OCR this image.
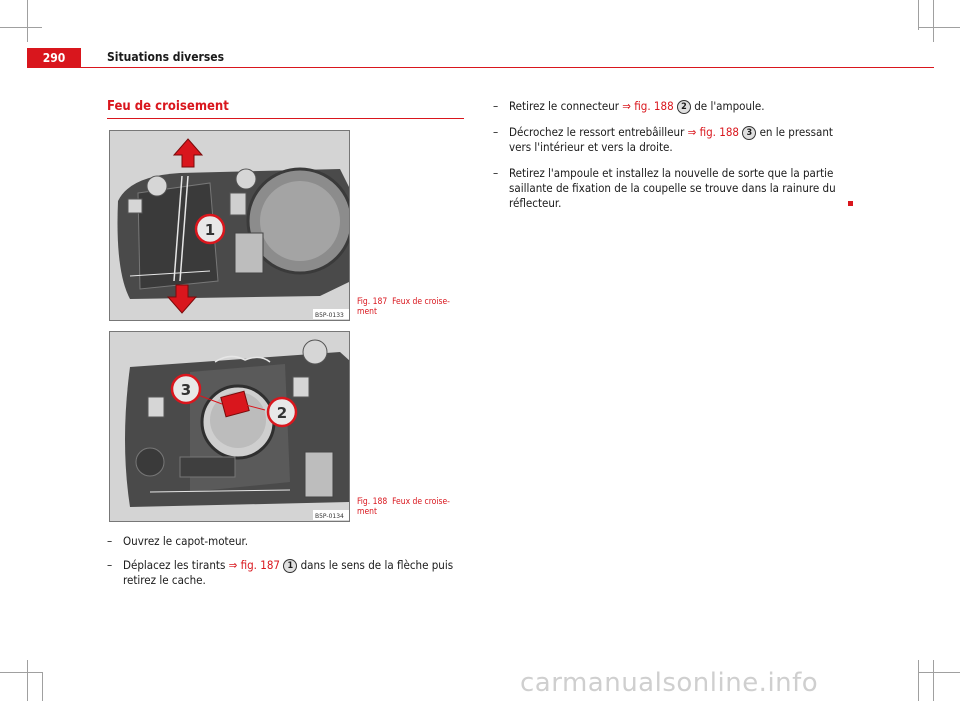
290	Situations diverses
Feu de croisement
1
B5P-0133
Fig. 187 Feux de croise-
ment
3
2
B5P-0134
Fig. 188 Feux de croise-
ment
– Ouvrez le capot-moteur.
– Déplacez les tirants ⇒ fig. 187 1 dans le sens de la flèche puis retirez le cache.
– Retirez le connecteur ⇒ fig. 188 2 de l'ampoule.
– Décrochez le ressort entrebâilleur ⇒ fig. 188 3 en le pressant vers l'intérieur et vers la droite.
– Retirez l'ampoule et installez la nouvelle de sorte que la partie saillante de fixation de la coupelle se trouve dans la rainure du réflecteur.
carmanualsonline.info
